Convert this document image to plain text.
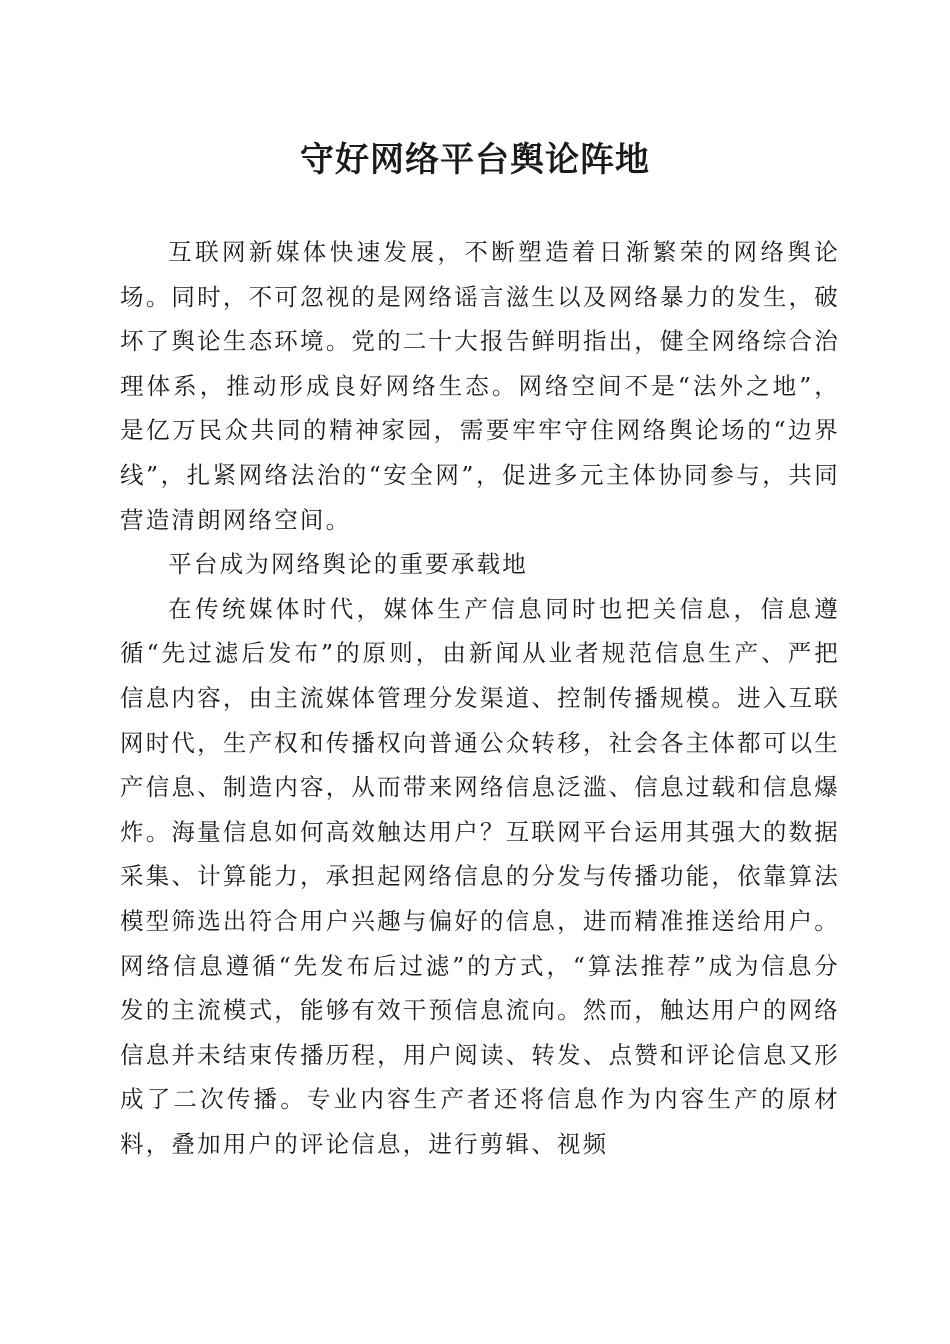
守好网络平台舆论阵地

互联网新媒体快速发展，不断塑造着日渐繁荣的网络舆论场。同时，不可忽视的是网络谣言滋生以及网络暴力的发生，破坏了舆论生态环境。党的二十大报告鲜明指出，健全网络综合治理体系，推动形成良好网络生态。网络空间不是“法外之地”，是亿万民众共同的精神家园，需要牢牢守住网络舆论场的“边界线”，扎紧网络法治的“安全网”，促进多元主体协同参与，共同营造清朗网络空间。

平台成为网络舆论的重要承载地

在传统媒体时代，媒体生产信息同时也把关信息，信息遵循“先过滤后发布”的原则，由新闻从业者规范信息生产、严把信息内容，由主流媒体管理分发渠道、控制传播规模。进入互联网时代，生产权和传播权向普通公众转移，社会各主体都可以生产信息、制造内容，从而带来网络信息泛滥、信息过载和信息爆炸。海量信息如何高效触达用户？互联网平台运用其强大的数据采集、计算能力，承担起网络信息的分发与传播功能，依靠算法模型筛选出符合用户兴趣与偏好的信息，进而精准推送给用户。网络信息遵循“先发布后过滤”的方式，“算法推荐”成为信息分发的主流模式，能够有效干预信息流向。然而，触达用户的网络信息并未结束传播历程，用户阅读、转发、点赞和评论信息又形成了二次传播。专业内容生产者还将信息作为内容生产的原材料，叠加用户的评论信息，进行剪辑、视频
